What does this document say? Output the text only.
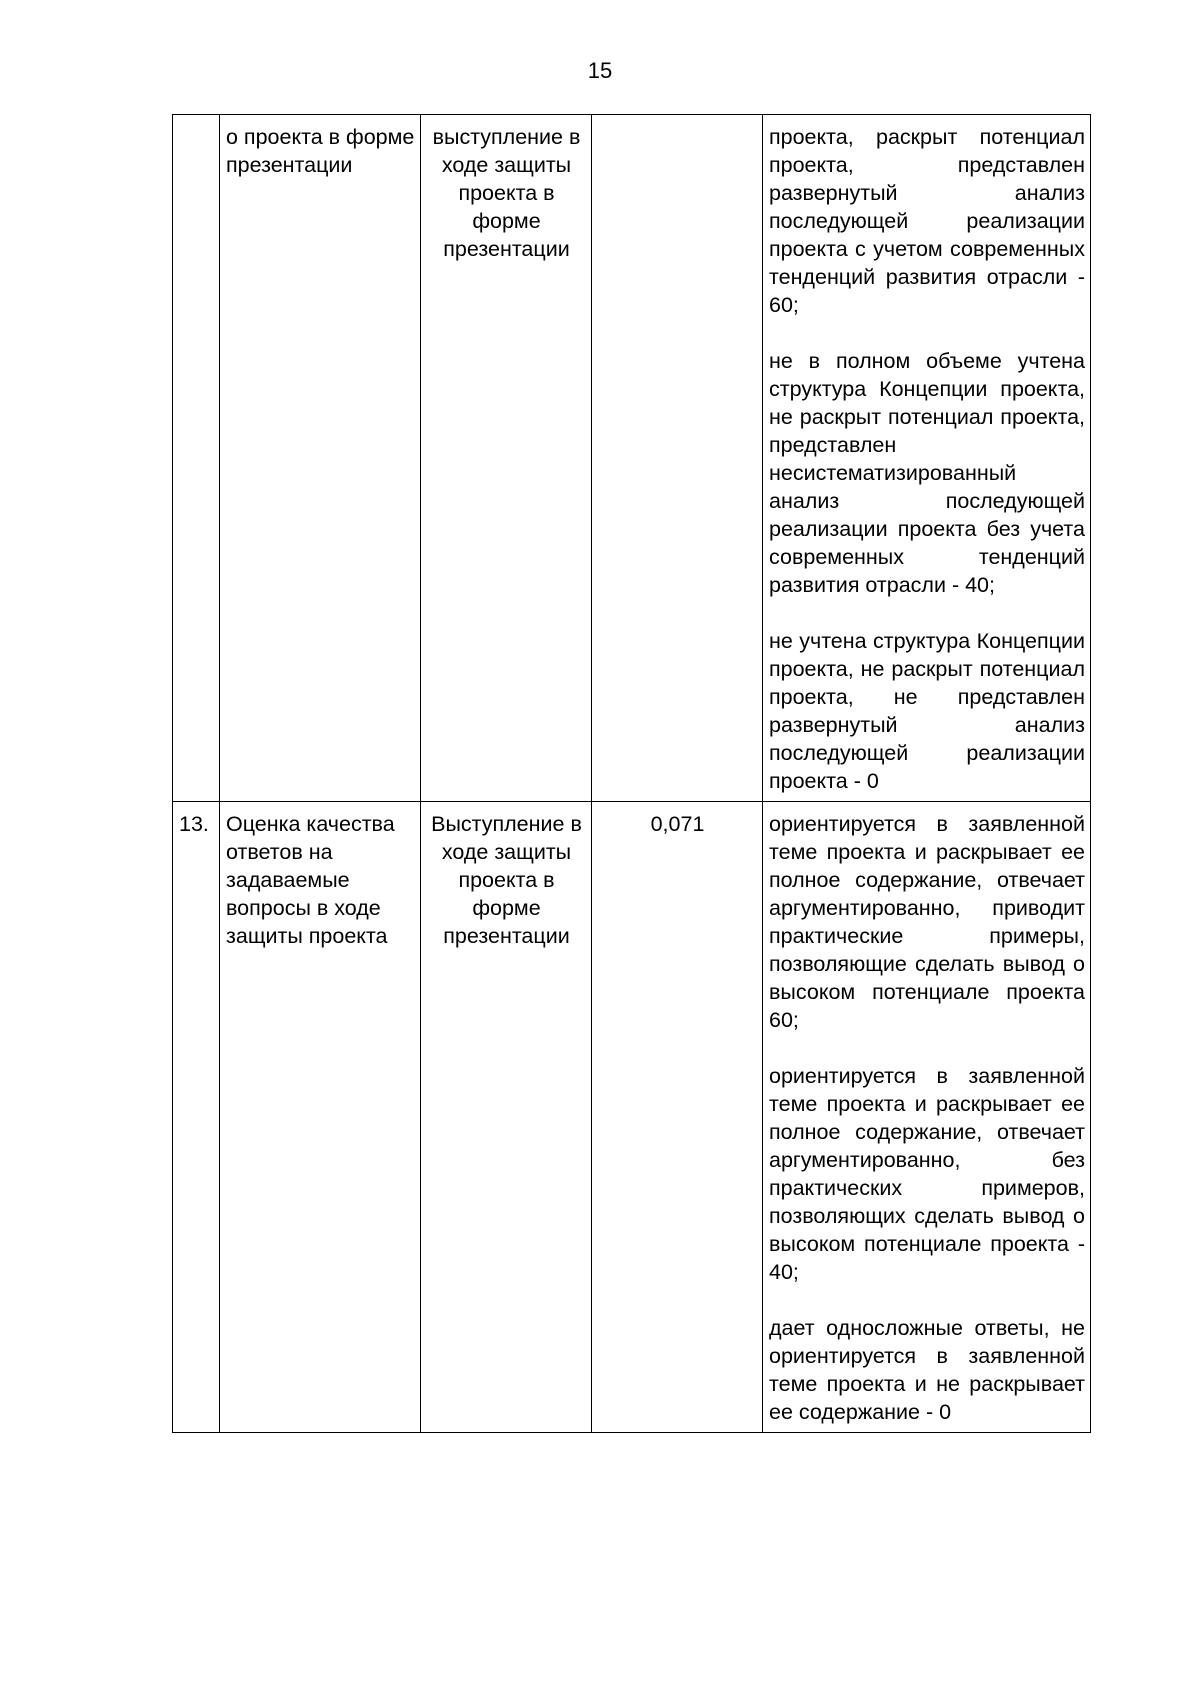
15
	о проекта в форме презентации	выступление в ходе защиты проекта в форме презентации		проекта, раскрыт потенциал проекта, представлен развернутый анализ последующей реализации проекта с учетом современных тенденций развития отрасли - 60;
не в полном объеме учтена структура Концепции проекта, не раскрыт потенциал проекта, представлен несистематизированный анализ последующей реализации проекта без учета современных тенденций развития отрасли - 40;
не учтена структура Концепции проекта, не раскрыт потенциал проекта, не представлен развернутый анализ последующей реализации проекта - 0

13.	Оценка качества ответов на задаваемые вопросы в ходе защиты проекта	Выступление в ходе защиты проекта в форме презентации	0,071	ориентируется в заявленной теме проекта и раскрывает ее полное содержание, отвечает аргументированно, приводит практические примеры, позволяющие сделать вывод о высоком потенциале проекта 60;
ориентируется в заявленной теме проекта и раскрывает ее полное содержание, отвечает аргументированно, без практических примеров, позволяющих сделать вывод о высоком потенциале проекта - 40;
дает односложные ответы, не ориентируется в заявленной теме проекта и не раскрывает ее содержание - 0
